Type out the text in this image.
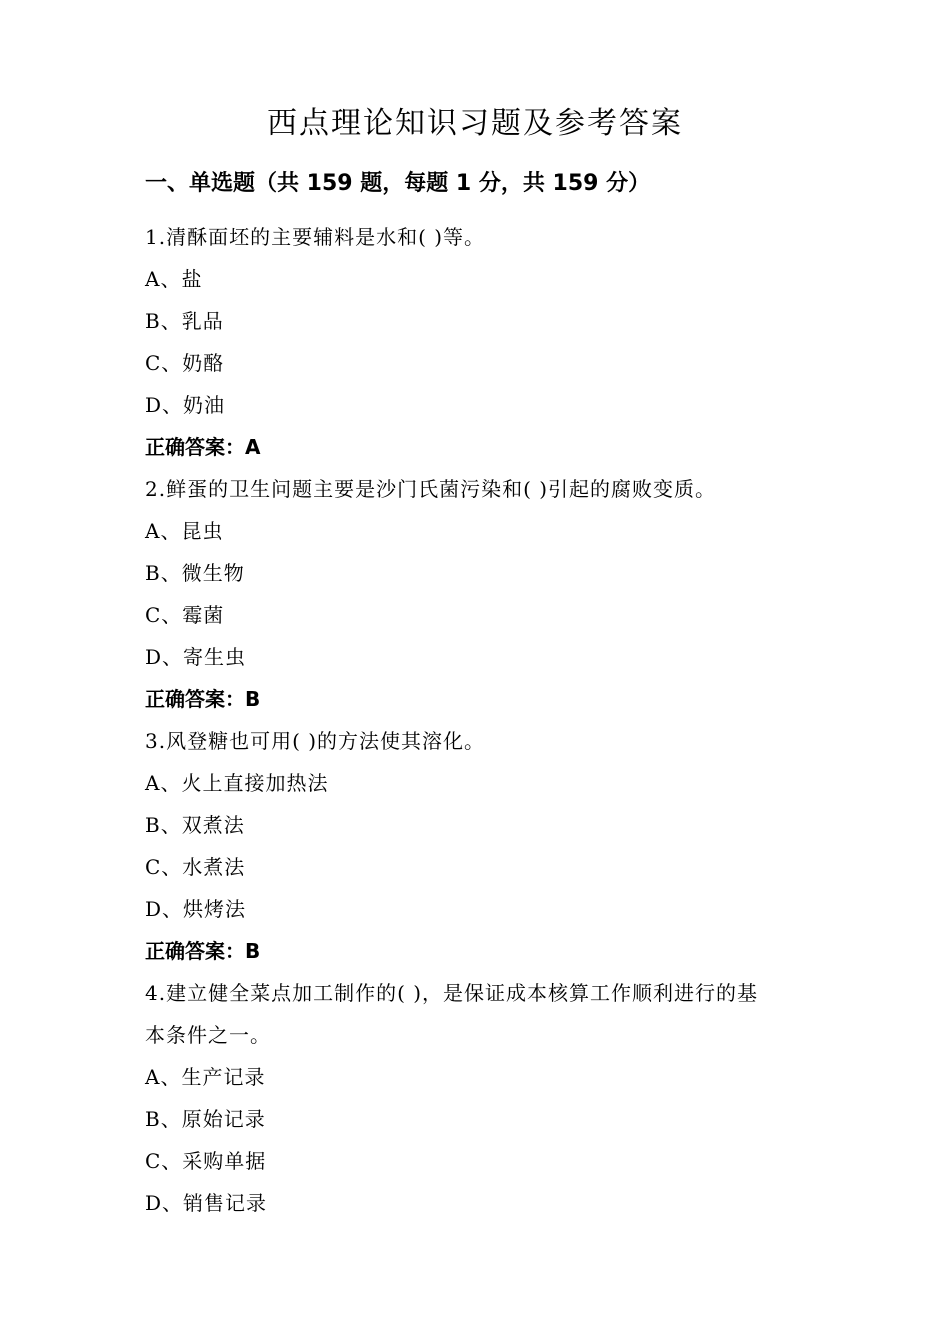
西点理论知识习题及参考答案
一、单选题（共 159 题，每题 1 分，共 159 分）
1.清酥面坯的主要辅料是水和( )等。
A、盐
B、乳品
C、奶酪
D、奶油
正确答案：A
2.鲜蛋的卫生问题主要是沙门氏菌污染和( )引起的腐败变质。
A、昆虫
B、微生物
C、霉菌
D、寄生虫
正确答案：B
3.风登糖也可用( )的方法使其溶化。
A、火上直接加热法
B、双煮法
C、水煮法
D、烘烤法
正确答案：B
4.建立健全菜点加工制作的( )，是保证成本核算工作顺利进行的基
本条件之一。
A、生产记录
B、原始记录
C、采购单据
D、销售记录
